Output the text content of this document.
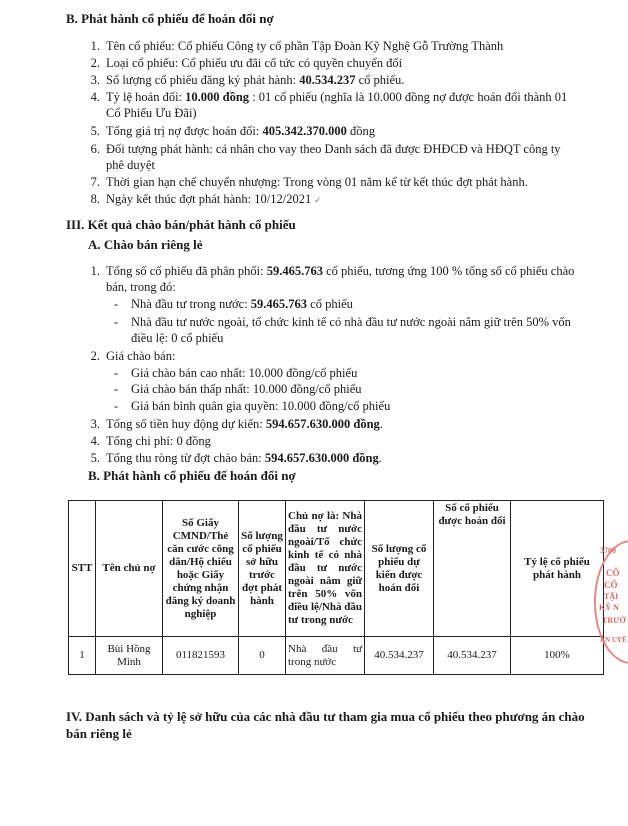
B. Phát hành cổ phiếu để hoán đổi nợ
1. Tên cổ phiếu: Cổ phiếu Công ty cổ phần Tập Đoàn Kỹ Nghệ Gỗ Trường Thành
2. Loại cổ phiếu: Cổ phiếu ưu đãi cổ tức có quyền chuyển đổi
3. Số lượng cổ phiếu đăng ký phát hành: 40.534.237 cổ phiếu.
4. Tỷ lệ hoán đổi: 10.000 đồng : 01 cổ phiếu (nghĩa là 10.000 đồng nợ được hoán đổi thành 01
Cổ Phiếu Ưu Đãi)
5. Tổng giá trị nợ được hoán đổi: 405.342.370.000 đồng
6. Đối tượng phát hành: cá nhân cho vay theo Danh sách đã được ĐHĐCĐ và HĐQT công ty
phê duyệt
7. Thời gian hạn chế chuyển nhượng: Trong vòng 01 năm kể từ kết thúc đợt phát hành.
8. Ngày kết thúc đợt phát hành: 10/12/2021 ✓
III. Kết quả chào bán/phát hành cổ phiếu
A. Chào bán riêng lẻ
1. Tổng số cổ phiếu đã phân phối: 59.465.763 cổ phiếu, tương ứng 100 % tổng số cổ phiếu chào
bán, trong đó:
- Nhà đầu tư trong nước: 59.465.763 cổ phiếu
- Nhà đầu tư nước ngoài, tổ chức kinh tế có nhà đầu tư nước ngoài nắm giữ trên 50% vốn
điều lệ: 0 cổ phiếu
2. Giá chào bán:
- Giá chào bán cao nhất: 10.000 đồng/cổ phiếu
- Giá chào bán thấp nhất: 10.000 đồng/cổ phiếu
- Giá bán bình quân gia quyền: 10.000 đồng/cổ phiếu
3. Tổng số tiền huy động dự kiến: 594.657.630.000 đồng.
4. Tổng chi phí: 0 đồng
5. Tổng thu ròng từ đợt chào bán: 594.657.630.000 đồng.
B. Phát hành cổ phiếu để hoán đổi nợ
STT	Tên chủ nợ	Số Giấy CMND/Thẻ căn cước công dân/Hộ chiếu hoặc Giấy chứng nhận đăng ký doanh nghiệp	Số lượng cổ phiếu sở hữu trước đợt phát hành	Chủ nợ là: Nhà đầu tư nước ngoài/Tổ chức kinh tế có nhà đầu tư nước ngoài nắm giữ trên 50% vốn điều lệ/Nhà đầu tư trong nước	Số lượng cổ phiếu dự kiến được hoán đổi	Số cổ phiếu được hoán đổi	Tỷ lệ cổ phiếu phát hành
1	Bùi Hồng Minh	011821593	0	Nhà đầu tư trong nước	40.534.237	40.534.237	100%
3700
CÔ
CỔ
TẬI
KỸ N
TRƯỜ
ẢN UYÊ
IV. Danh sách và tỷ lệ sở hữu của các nhà đầu tư tham gia mua cổ phiếu theo phương án chào
bán riêng lẻ
